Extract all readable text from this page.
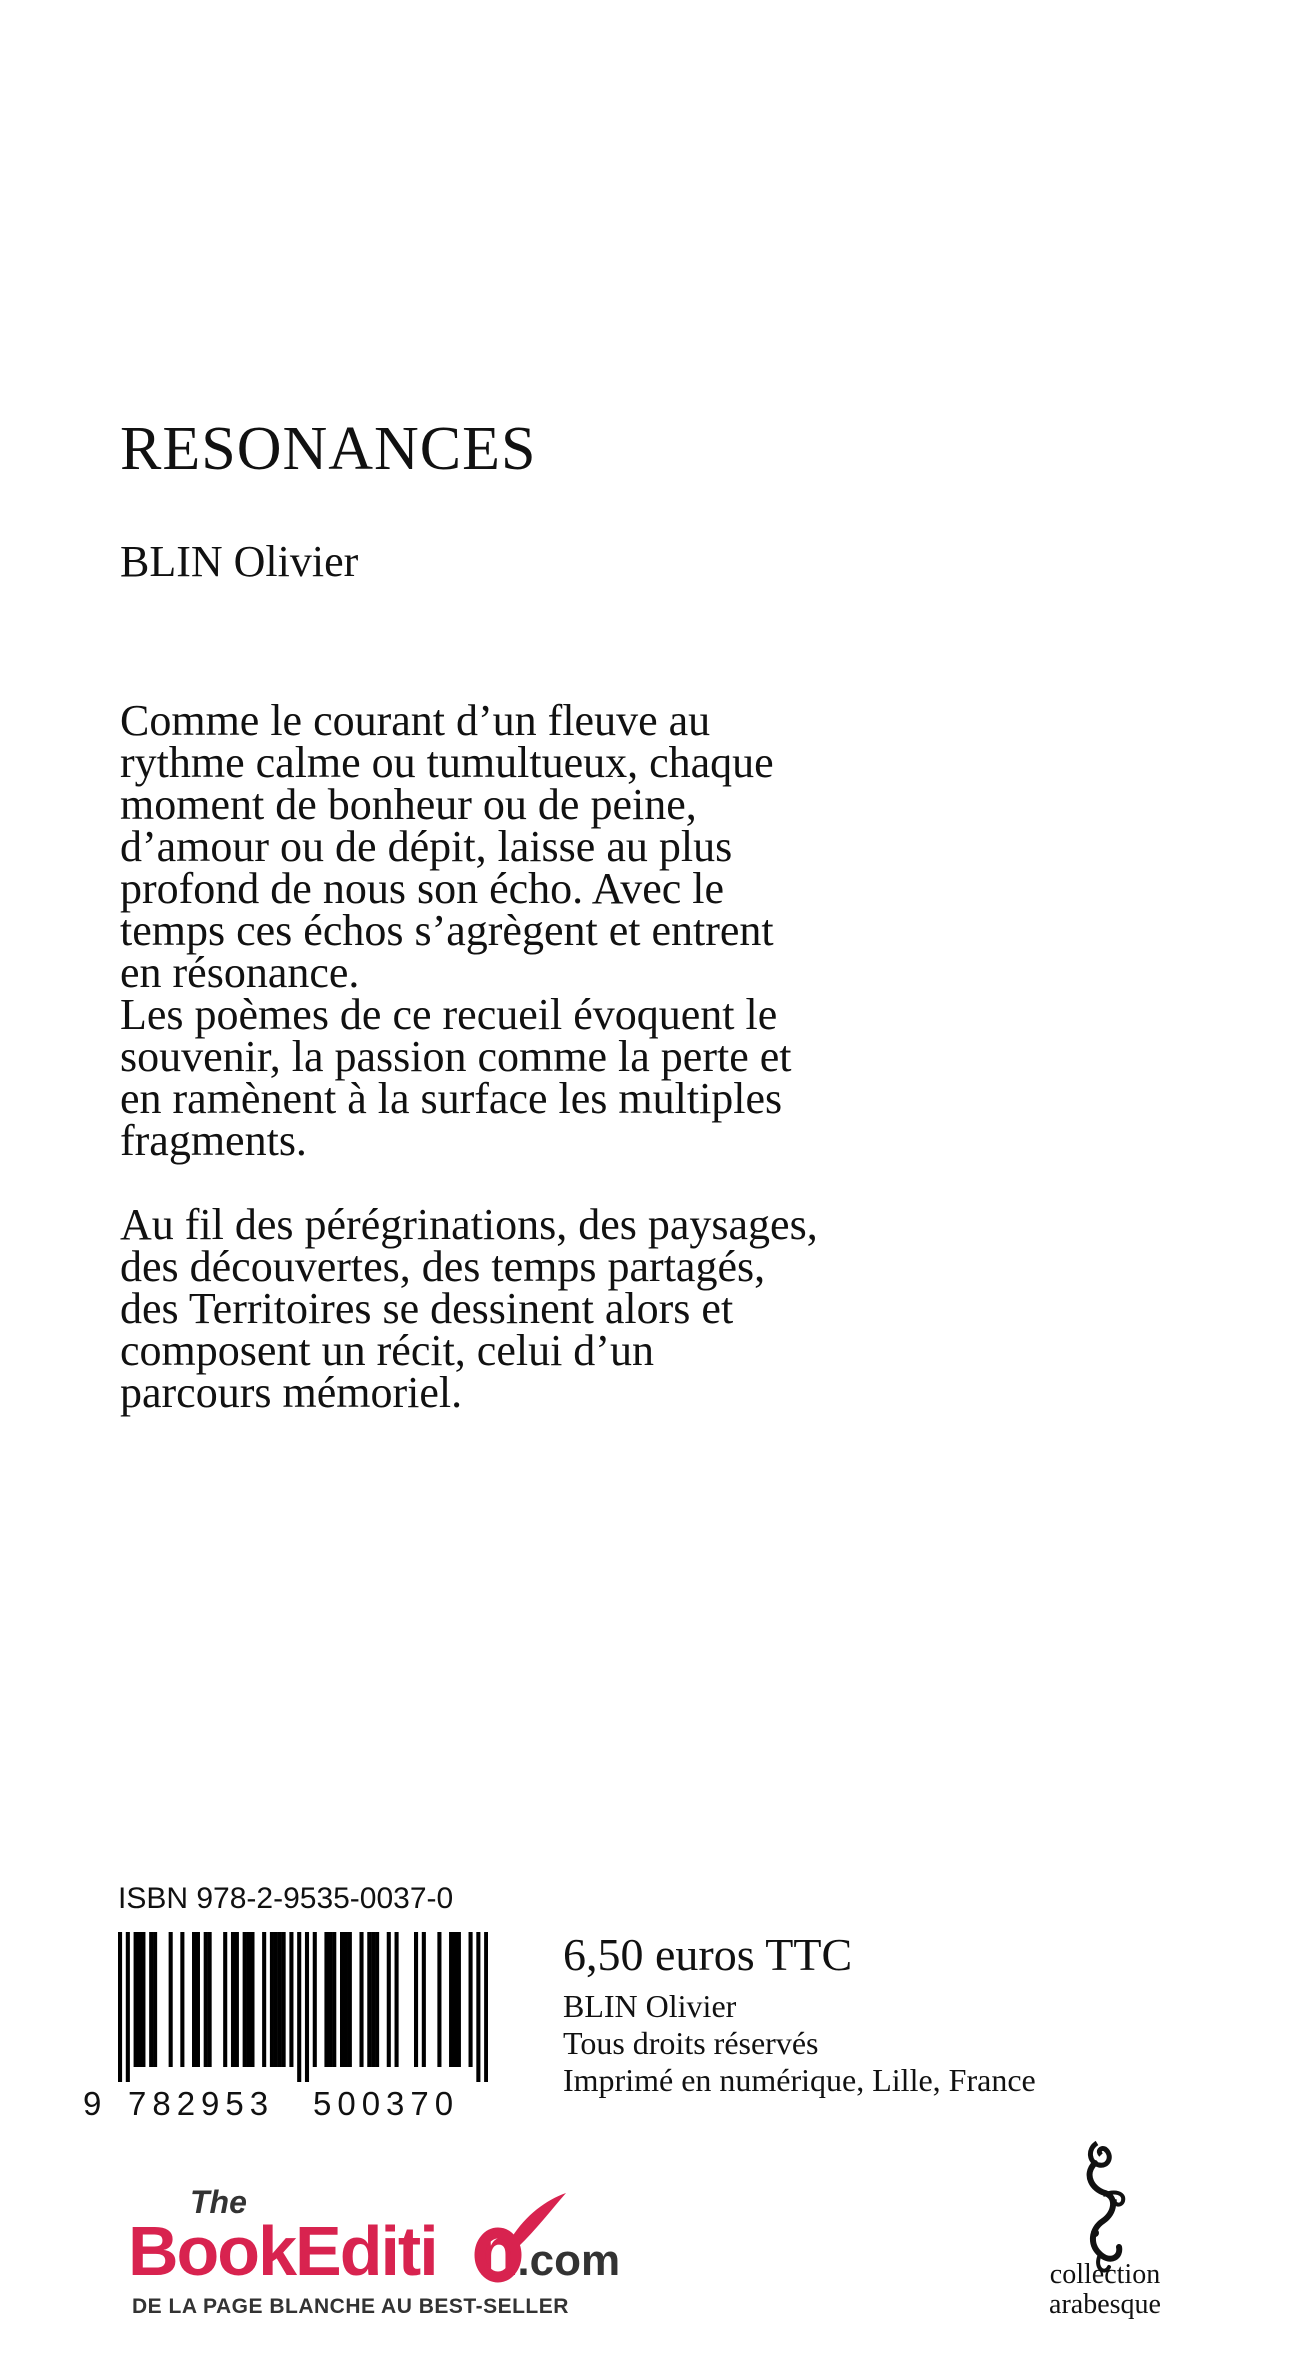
RESONANCES
BLIN Olivier

Comme le courant d’un fleuve au

rythme calme ou tumultueux, chaque

moment de bonheur ou de peine,

d’amour ou de dépit, laisse au plus

profond de nous son écho. Avec le

temps ces échos s’agrègent et entrent

en résonance.

Les poèmes de ce recueil évoquent le

souvenir, la passion comme la perte et

en ramènent à la surface les multiples

fragments.

Au fil des pérégrinations, des paysages,

des découvertes, des temps partagés,

des Territoires se dessinent alors et

composent un récit, celui d’un

parcours mémoriel.

ISBN 978-2-9535-0037-0
9 782953 500370
6,50 euros TTC
BLIN Olivier
Tous droits réservés
Imprimé en numérique, Lille, France
The
BookEditi n.com
DE LA PAGE BLANCHE AU BEST-SELLER
collection
arabesque
